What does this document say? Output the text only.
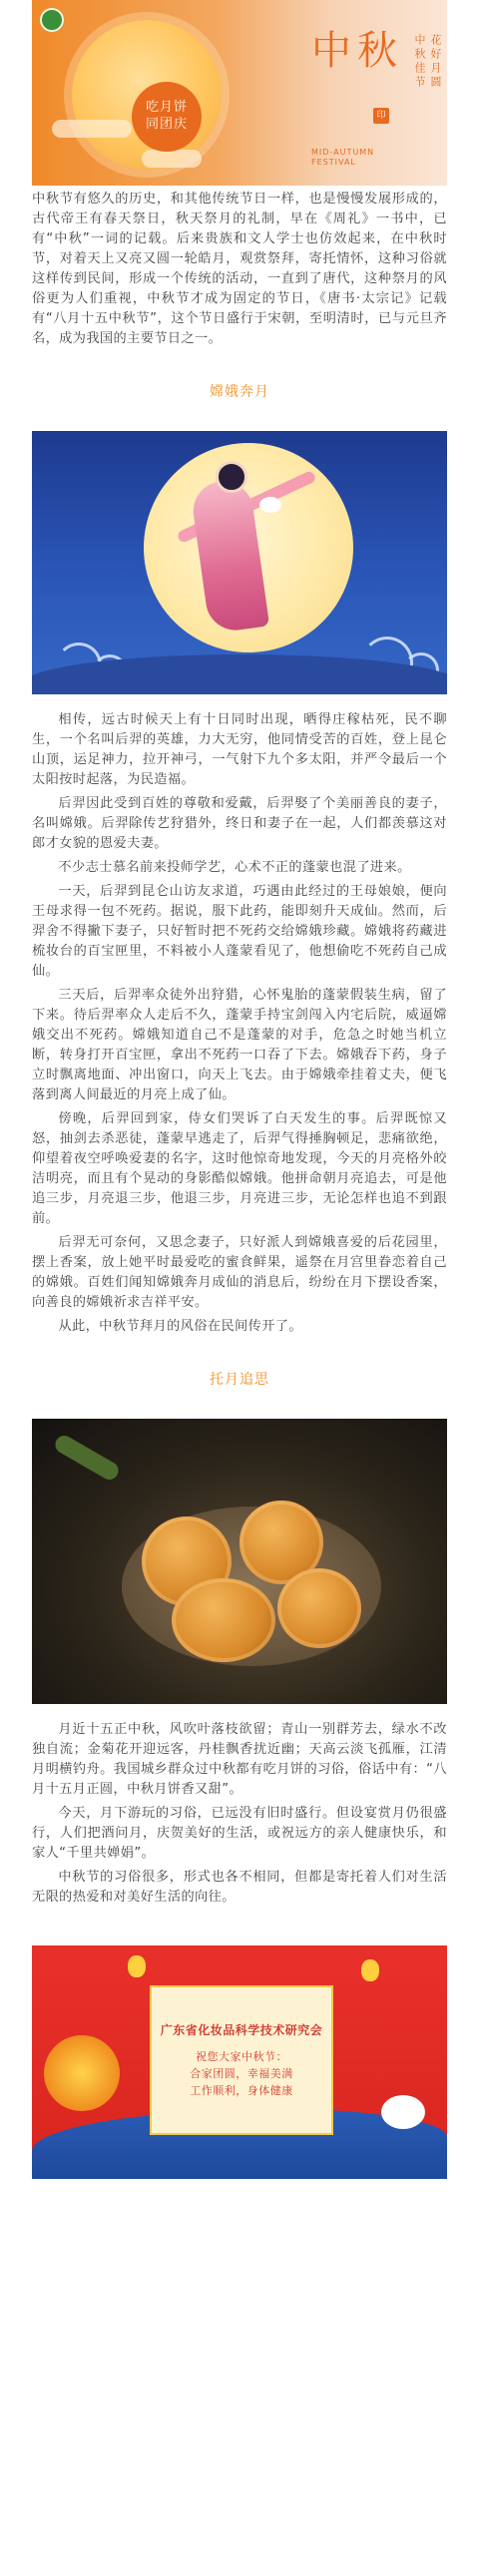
吃月饼
同团庆
中秋
印
中秋佳节 花好月圆
MID-AUTUMN
FESTIVAL

中秋节有悠久的历史，和其他传统节日一样，也是慢慢发展形成的，古代帝王有春天祭日，秋天祭月的礼制，早在《周礼》一书中，已有“中秋”一词的记载。后来贵族和文人学士也仿效起来，在中秋时节，对着天上又亮又圆一轮皓月，观赏祭拜，寄托情怀，这种习俗就这样传到民间，形成一个传统的活动，一直到了唐代，这种祭月的风俗更为人们重视，中秋节才成为固定的节日，《唐书·太宗记》记载有“八月十五中秋节”，这个节日盛行于宋朝，至明清时，已与元旦齐名，成为我国的主要节日之一。

嫦娥奔月

相传，远古时候天上有十日同时出现，晒得庄稼枯死，民不聊生，一个名叫后羿的英雄，力大无穷，他同情受苦的百姓，登上昆仑山顶，运足神力，拉开神弓，一气射下九个多太阳，并严令最后一个太阳按时起落，为民造福。

后羿因此受到百姓的尊敬和爱戴，后羿娶了个美丽善良的妻子，名叫嫦娥。后羿除传艺狩猎外，终日和妻子在一起，人们都羡慕这对郎才女貌的恩爱夫妻。

不少志士慕名前来投师学艺，心术不正的蓬蒙也混了进来。

一天，后羿到昆仑山访友求道，巧遇由此经过的王母娘娘，便向王母求得一包不死药。据说，服下此药，能即刻升天成仙。然而，后羿舍不得撇下妻子，只好暂时把不死药交给嫦娥珍藏。嫦娥将药藏进梳妆台的百宝匣里，不料被小人蓬蒙看见了，他想偷吃不死药自己成仙。

三天后，后羿率众徒外出狩猎，心怀鬼胎的蓬蒙假装生病，留了下来。待后羿率众人走后不久，蓬蒙手持宝剑闯入内宅后院，威逼嫦娥交出不死药。嫦娥知道自己不是蓬蒙的对手，危急之时她当机立断，转身打开百宝匣，拿出不死药一口吞了下去。嫦娥吞下药，身子立时飘离地面、冲出窗口，向天上飞去。由于嫦娥牵挂着丈夫，便飞落到离人间最近的月亮上成了仙。

傍晚，后羿回到家，侍女们哭诉了白天发生的事。后羿既惊又怒，抽剑去杀恶徒，蓬蒙早逃走了，后羿气得捶胸顿足，悲痛欲绝，仰望着夜空呼唤爱妻的名字，这时他惊奇地发现，今天的月亮格外皎洁明亮，而且有个晃动的身影酷似嫦娥。他拼命朝月亮追去，可是他追三步，月亮退三步，他退三步，月亮进三步，无论怎样也追不到跟前。

后羿无可奈何，又思念妻子，只好派人到嫦娥喜爱的后花园里，摆上香案，放上她平时最爱吃的蜜食鲜果，遥祭在月宫里眷恋着自己的嫦娥。百姓们闻知嫦娥奔月成仙的消息后，纷纷在月下摆设香案，向善良的嫦娥祈求吉祥平安。

从此，中秋节拜月的风俗在民间传开了。

托月追思

月近十五正中秋，风吹叶落枝欲留；青山一别群芳去，绿水不改独自流；金菊花开迎远客，丹桂飘香扰近幽；天高云淡飞孤雁，江清月明横钓舟。我国城乡群众过中秋都有吃月饼的习俗，俗话中有：“八月十五月正圆，中秋月饼香又甜”。

今天，月下游玩的习俗，已远没有旧时盛行。但设宴赏月仍很盛行，人们把酒问月，庆贺美好的生活，或祝远方的亲人健康快乐，和家人“千里共婵娟”。

中秋节的习俗很多，形式也各不相同，但都是寄托着人们对生活无限的热爱和对美好生活的向往。

广东省化妆品科学技术研究会
祝您大家中秋节：
合家团圆，幸福美满
工作顺利，身体健康
